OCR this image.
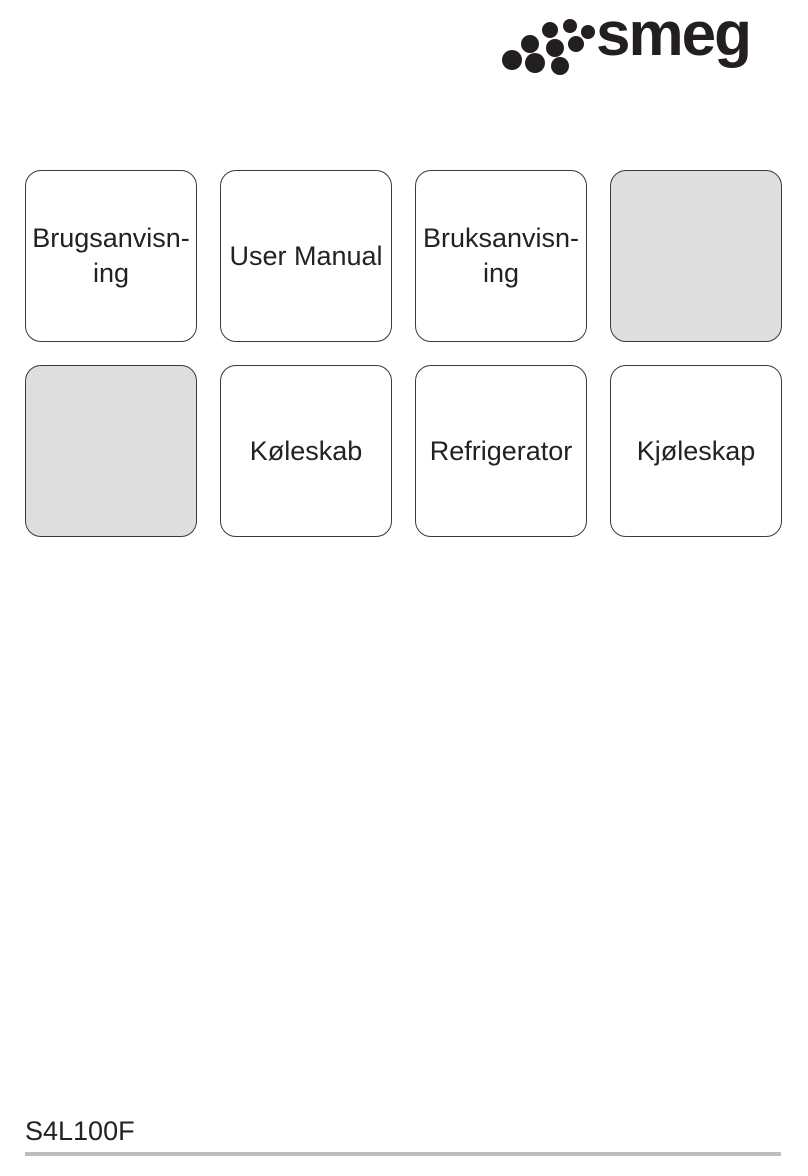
smeg
Brugsanvisn-
ing
User Manual
Bruksanvisn-
ing
Køleskab	Refrigerator	Kjøleskap
S4L100F
